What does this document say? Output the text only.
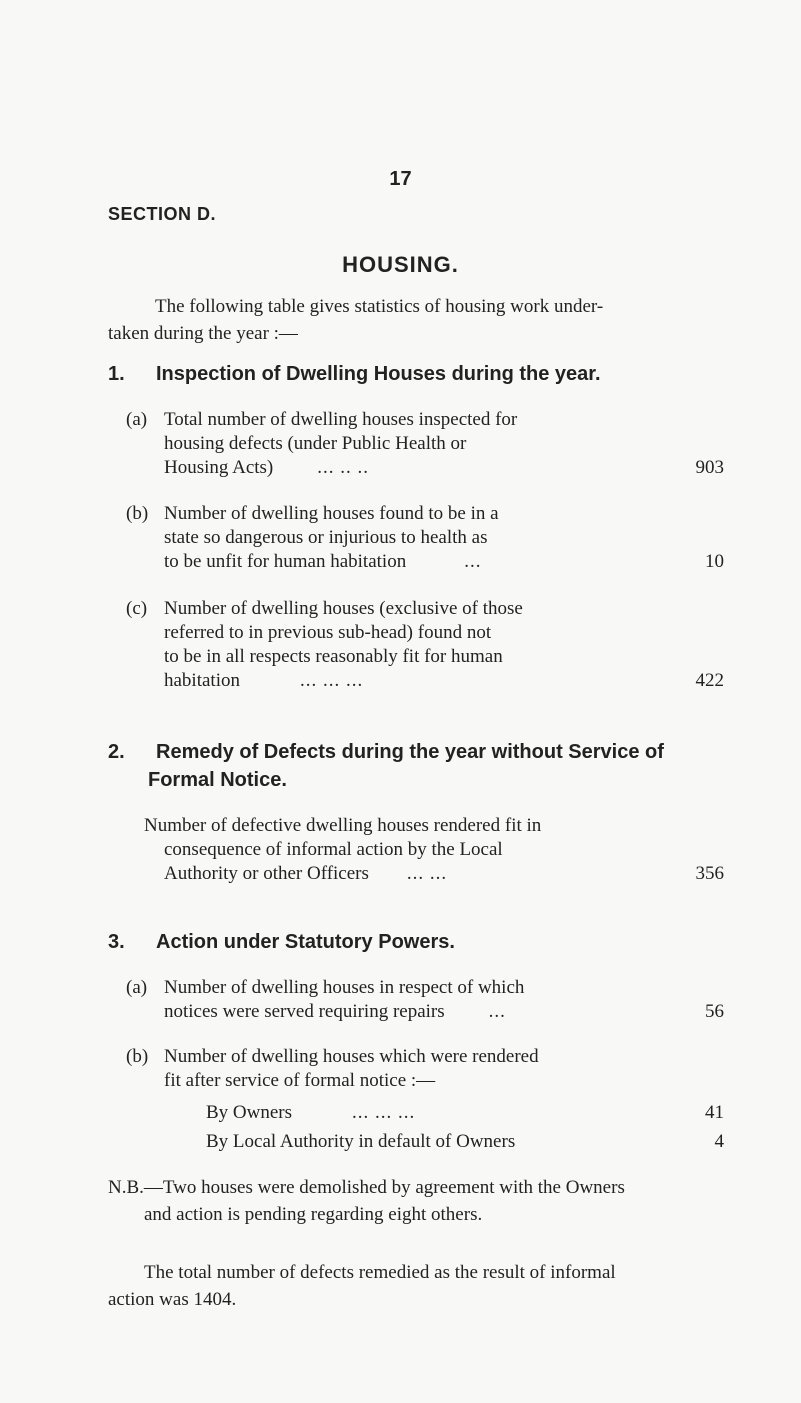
17
SECTION D.
HOUSING.
The following table gives statistics of housing work under-
taken during the year :—
1. Inspection of Dwelling Houses during the year.
(a) Total number of dwelling houses inspected for
housing defects (under Public Health or
Housing Acts) ... .. ..	903
(b) Number of dwelling houses found to be in a
state so dangerous or injurious to health as
to be unfit for human habitation	...	10
(c) Number of dwelling houses (exclusive of those
referred to in previous sub-head) found not
to be in all respects reasonably fit for human
habitation	... ... ...	422
2. Remedy of Defects during the year without Service of
Formal Notice.
Number of defective dwelling houses rendered fit in
consequence of informal action by the Local
Authority or other Officers ... ...	356
3. Action under Statutory Powers.
(a) Number of dwelling houses in respect of which
notices were served requiring repairs ...	56
(b) Number of dwelling houses which were rendered
fit after service of formal notice :—
By Owners	... ... ...	41
By Local Authority in default of Owners	4
N.B.—Two houses were demolished by agreement with the Owners
and action is pending regarding eight others.
The total number of defects remedied as the result of informal
action was 1404.
